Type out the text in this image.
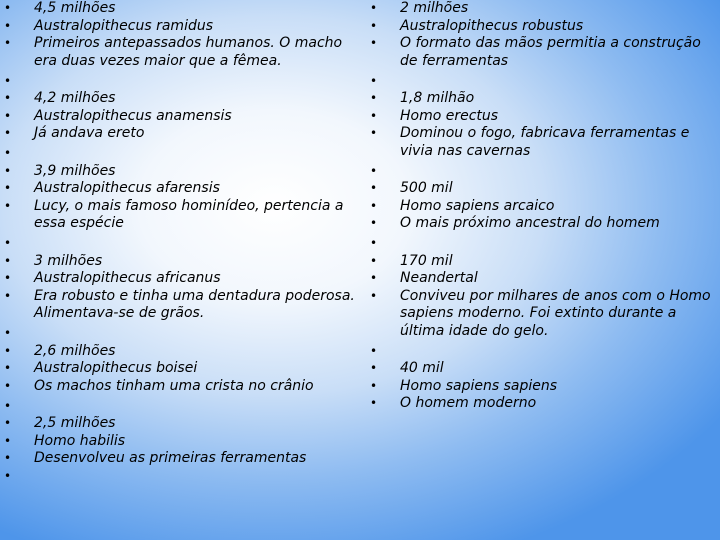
• 4,5 milhões

• Australopithecus ramidus

• Primeiros antepassados humanos. O macho era duas vezes maior que a fêmea.

•

• 4,2 milhões

• Australopithecus anamensis

• Já andava ereto

•

• 3,9 milhões

• Australopithecus afarensis

• Lucy, o mais famoso hominídeo, pertencia a essa espécie

•

• 3 milhões

• Australopithecus africanus

• Era robusto e tinha uma dentadura poderosa. Alimentava-se de grãos.

•

• 2,6 milhões

• Australopithecus boisei

• Os machos tinham uma crista no crânio

•

• 2,5 milhões

• Homo habilis

• Desenvolveu as primeiras ferramentas

•

• 2 milhões

• Australopithecus robustus

• O formato das mãos permitia a construção de ferramentas

•

• 1,8 milhão

• Homo erectus

• Dominou o fogo, fabricava ferramentas e vivia nas cavernas

•

• 500 mil

• Homo sapiens arcaico

• O mais próximo ancestral do homem

•

• 170 mil

• Neandertal

• Conviveu por milhares de anos com o Homo sapiens moderno. Foi extinto durante a última idade do gelo.

•

• 40 mil

• Homo sapiens sapiens

• O homem moderno
